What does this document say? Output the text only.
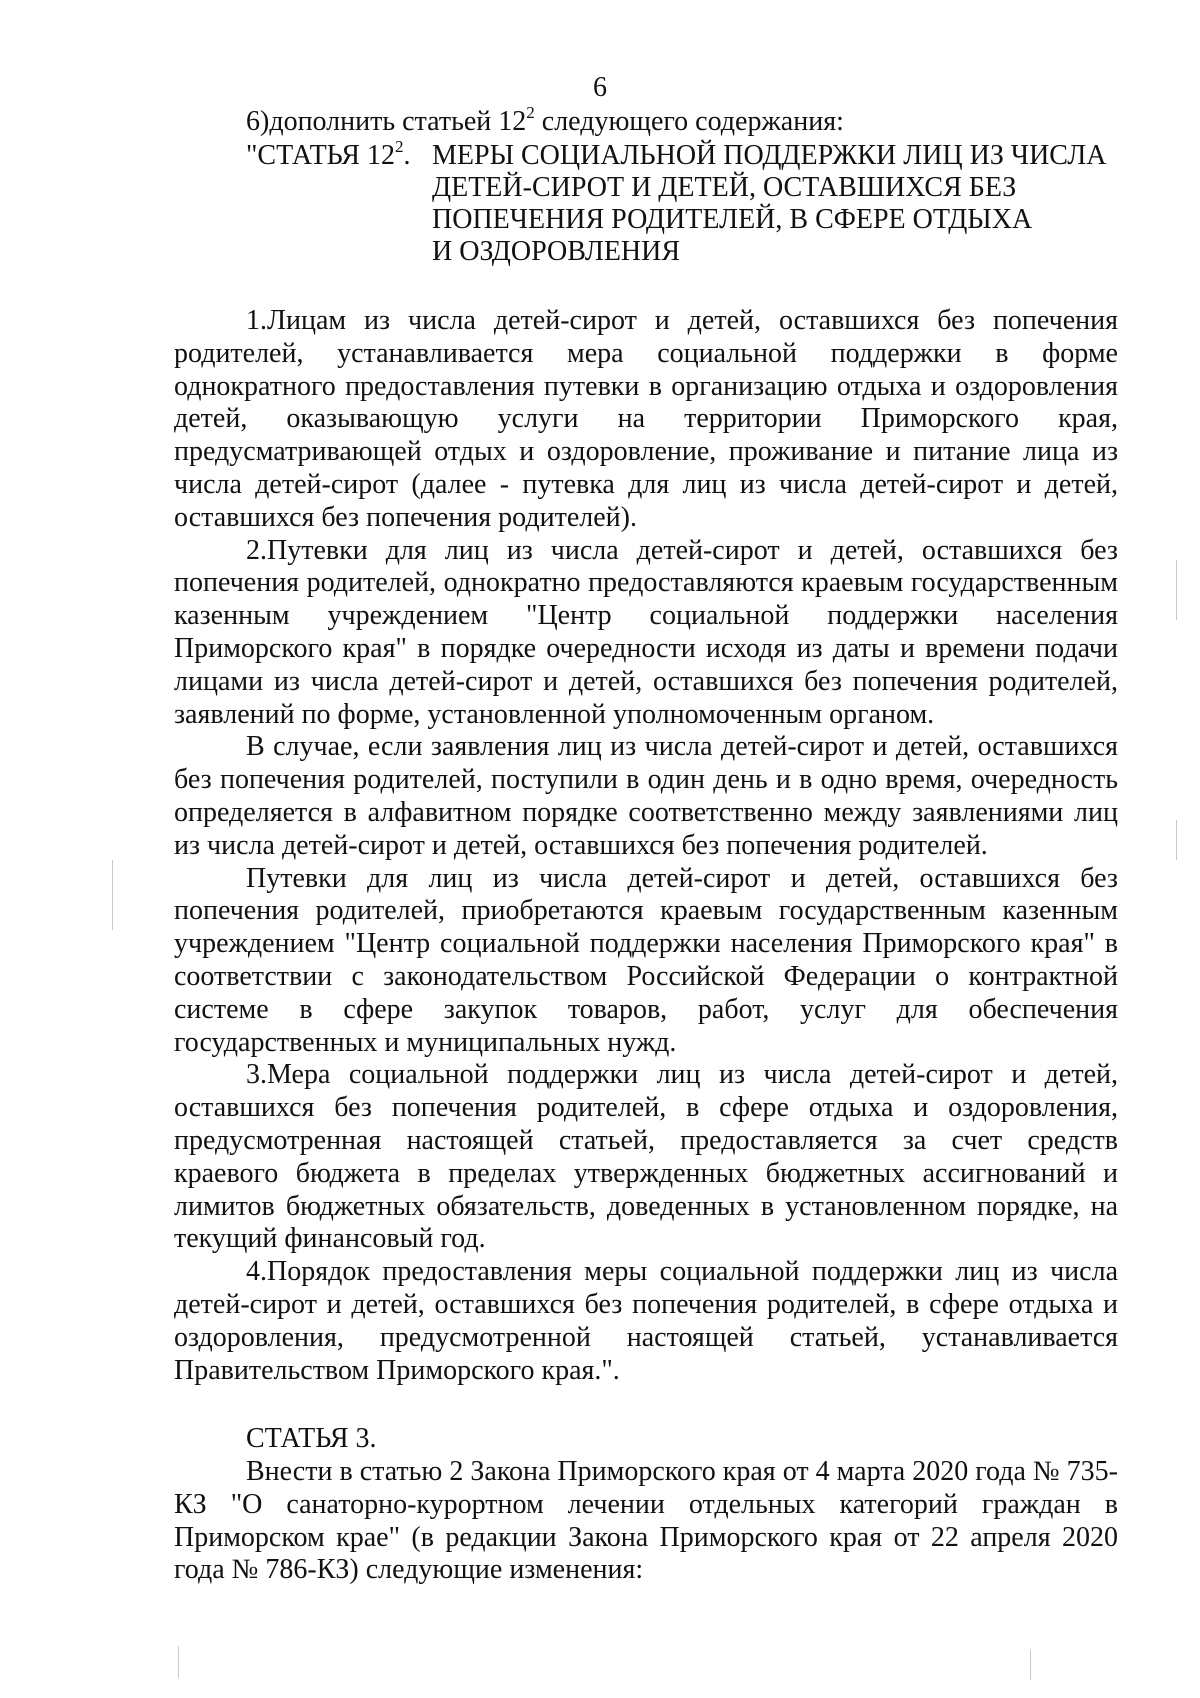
6
6)дополнить статьей $12^2$ следующего содержания:
"СТАТЬЯ $12^2$. МЕРЫ СОЦИАЛЬНОЙ ПОДДЕРЖКИ ЛИЦ ИЗ ЧИСЛА
ДЕТЕЙ-СИРОТ И ДЕТЕЙ, ОСТАВШИХСЯ БЕЗ
ПОПЕЧЕНИЯ РОДИТЕЛЕЙ, В СФЕРЕ ОТДЫХА
И ОЗДОРОВЛЕНИЯ

1.Лицам из числа детей-сирот и детей, оставшихся без попечения родителей, устанавливается мера социальной поддержки в форме однократного предоставления путевки в организацию отдыха и оздоровления детей, оказывающую услуги на территории Приморского края, предусматривающей отдых и оздоровление, проживание и питание лица из числа детей-сирот (далее - путевка для лиц из числа детей-сирот и детей, оставшихся без попечения родителей).

2.Путевки для лиц из числа детей-сирот и детей, оставшихся без попечения родителей, однократно предоставляются краевым государственным казенным учреждением "Центр социальной поддержки населения Приморского края" в порядке очередности исходя из даты и времени подачи лицами из числа детей-сирот и детей, оставшихся без попечения родителей, заявлений по форме, установленной уполномоченным органом.

В случае, если заявления лиц из числа детей-сирот и детей, оставшихся без попечения родителей, поступили в один день и в одно время, очередность определяется в алфавитном порядке соответственно между заявлениями лиц из числа детей-сирот и детей, оставшихся без попечения родителей.

Путевки для лиц из числа детей-сирот и детей, оставшихся без попечения родителей, приобретаются краевым государственным казенным учреждением "Центр социальной поддержки населения Приморского края" в соответствии с законодательством Российской Федерации о контрактной системе в сфере закупок товаров, работ, услуг для обеспечения государственных и муниципальных нужд.

3.Мера социальной поддержки лиц из числа детей-сирот и детей, оставшихся без попечения родителей, в сфере отдыха и оздоровления, предусмотренная настоящей статьей, предоставляется за счет средств краевого бюджета в пределах утвержденных бюджетных ассигнований и лимитов бюджетных обязательств, доведенных в установленном порядке, на текущий финансовый год.

4.Порядок предоставления меры социальной поддержки лиц из числа детей-сирот и детей, оставшихся без попечения родителей, в сфере отдыха и оздоровления, предусмотренной настоящей статьей, устанавливается Правительством Приморского края.".

СТАТЬЯ 3.

Внести в статью 2 Закона Приморского края от 4 марта 2020 года № 735-КЗ "О санаторно-курортном лечении отдельных категорий граждан в Приморском крае" (в редакции Закона Приморского края от 22 апреля 2020 года № 786-КЗ) следующие изменения:
